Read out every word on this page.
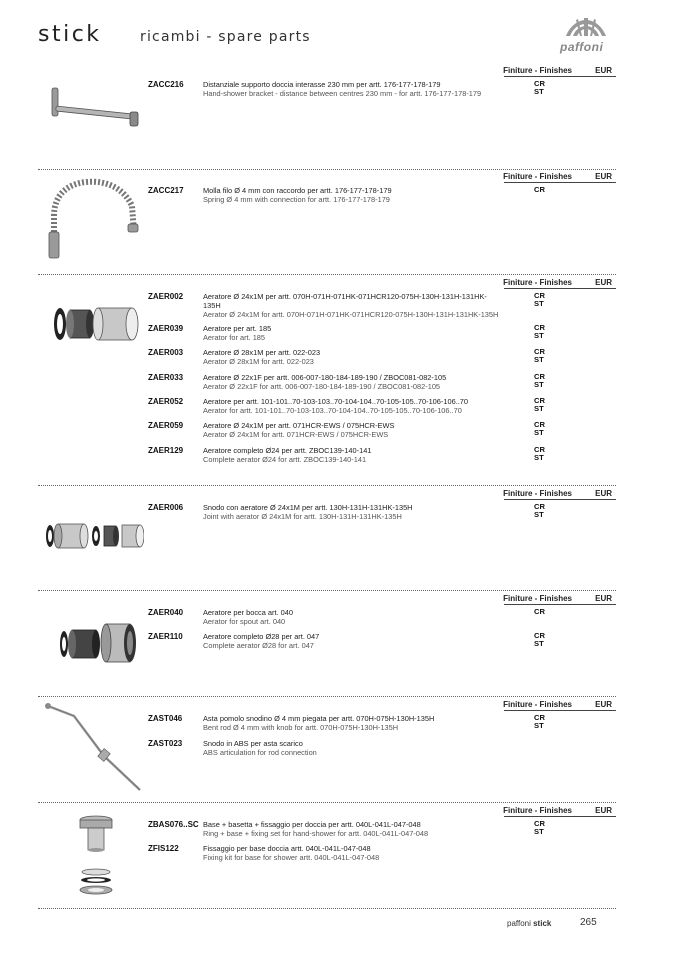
stick	ricambi - spare parts
paffoni
Finiture - Finishes	EUR
ZACC216	Distanziale supporto doccia interasse 230 mm per artt. 176-177-178-179
Hand-shower bracket - distance between centres 230 mm - for artt. 176-177-178-179
CR
ST
Finiture - Finishes	EUR
ZACC217	Molla filo Ø 4 mm con raccordo per artt. 176-177-178-179
Spring Ø 4 mm with connection for artt. 176-177-178-179
CR
Finiture - Finishes	EUR
ZAER002	Aeratore Ø 24x1M per artt. 070H-071H-071HK-071HCR120-075H-130H-131H-131HK-135H
Aerator Ø 24x1M for artt. 070H-071H-071HK-071HCR120-075H-130H-131H-131HK-135H
CR
ST
ZAER039	Aeratore per art. 185
Aerator for art. 185
CR
ST
ZAER003	Aeratore Ø 28x1M per artt. 022-023
Aerator Ø 28x1M for artt. 022-023
CR
ST
ZAER033	Aeratore Ø 22x1F per artt. 006-007-180-184-189-190 / ZBOC081-082-105
Aerator Ø 22x1F for artt. 006-007-180-184-189-190 / ZBOC081-082-105
CR
ST
ZAER052	Aeratore per artt. 101-101..70-103-103..70-104-104..70-105-105..70-106-106..70
Aerator for artt. 101-101..70-103-103..70-104-104..70-105-105..70-106-106..70
CR
ST
ZAER059	Aeratore Ø 24x1M per artt. 071HCR-EWS / 075HCR-EWS
Aerator Ø 24x1M for artt. 071HCR-EWS / 075HCR-EWS
CR
ST
ZAER129	Aeratore completo Ø24 per artt. ZBOC139-140-141
Complete aerator Ø24 for artt. ZBOC139-140-141
CR
ST
Finiture - Finishes	EUR
ZAER006	Snodo con aeratore Ø 24x1M per artt. 130H-131H-131HK-135H
Joint with aerator Ø 24x1M for artt. 130H-131H-131HK-135H
CR
ST
Finiture - Finishes	EUR
ZAER040	Aeratore per bocca art. 040
Aerator for spout art. 040
CR
ZAER110	Aeratore completo Ø28 per art. 047
Complete aerator Ø28 for art. 047
CR
ST
Finiture - Finishes	EUR
ZAST046	Asta pomolo snodino Ø 4 mm piegata per artt. 070H-075H-130H-135H
Bent rod Ø 4 mm with knob for artt. 070H-075H-130H-135H
CR
ST
ZAST023	Snodo in ABS per asta scarico
ABS articulation for rod connection
Finiture - Finishes	EUR
ZBAS076..SC Base + basetta + fissaggio per doccia per artt. 040L-041L-047-048
Ring + base + fixing set for hand-shower for artt. 040L-041L-047-048
CR
ST
ZFIS122	Fissaggio per base doccia artt. 040L-041L-047-048
Fixing kit for base for shower artt. 040L-041L-047-048
paffoni stick	265
